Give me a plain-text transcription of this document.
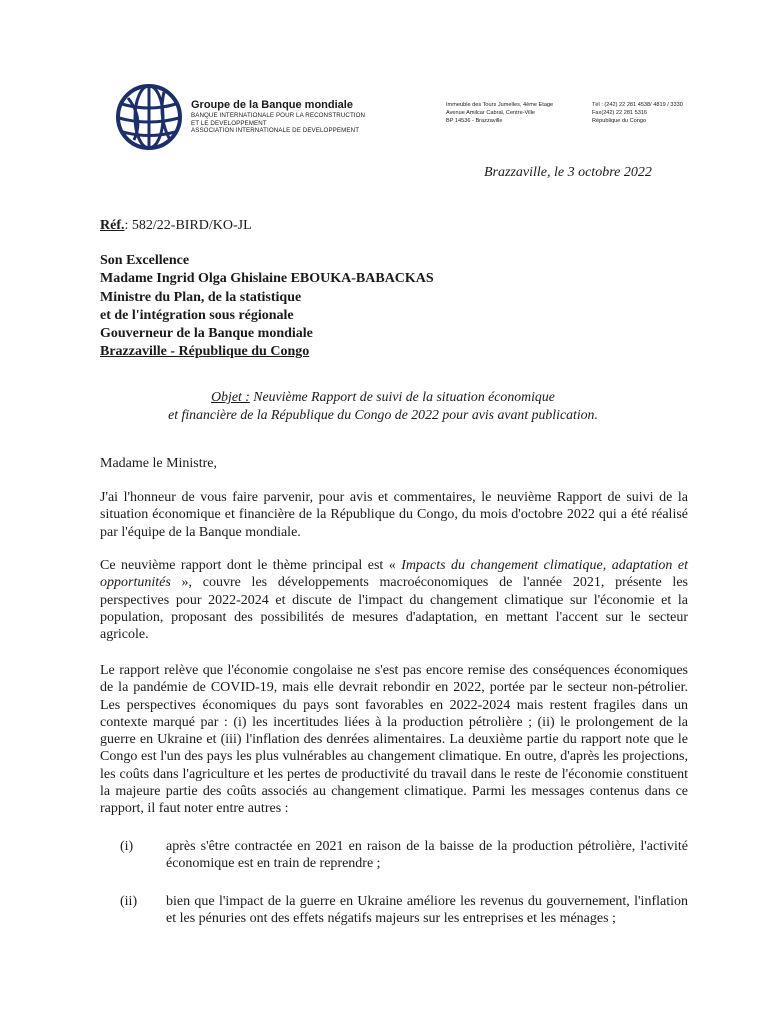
Groupe de la Banque mondiale
BANQUE INTERNATIONALE POUR LA RECONSTRUCTION
ET LE DEVELOPPEMENT
ASSOCIATION INTERNATIONALE DE DEVELOPPEMENT
Immeuble des Tours Jumelles, 4ème Etage
Avenue Amilcar Cabral, Centre-Ville
BP 14536 - Brazzaville
Tél : (242) 22 281 4538/ 4819 / 3330
Fax(242) 22 281 5316
République du Congo
Brazzaville, le 3 octobre 2022
Réf.: 582/22-BIRD/KO-JL
Son Excellence
Madame Ingrid Olga Ghislaine EBOUKA-BABACKAS
Ministre du Plan, de la statistique
et de l'intégration sous régionale
Gouverneur de la Banque mondiale
Brazzaville - République du Congo
Objet : Neuvième Rapport de suivi de la situation économique
et financière de la République du Congo de 2022 pour avis avant publication.
Madame le Ministre,
J'ai l'honneur de vous faire parvenir, pour avis et commentaires, le neuvième Rapport de suivi de la situation économique et financière de la République du Congo, du mois d'octobre 2022 qui a été réalisé par l'équipe de la Banque mondiale.
Ce neuvième rapport dont le thème principal est « Impacts du changement climatique, adaptation et opportunités », couvre les développements macroéconomiques de l'année 2021, présente les perspectives pour 2022-2024 et discute de l'impact du changement climatique sur l'économie et la population, proposant des possibilités de mesures d'adaptation, en mettant l'accent sur le secteur agricole.
Le rapport relève que l'économie congolaise ne s'est pas encore remise des conséquences économiques de la pandémie de COVID-19, mais elle devrait rebondir en 2022, portée par le secteur non-pétrolier. Les perspectives économiques du pays sont favorables en 2022-2024 mais restent fragiles dans un contexte marqué par : (i) les incertitudes liées à la production pétrolière ; (ii) le prolongement de la guerre en Ukraine et (iii) l'inflation des denrées alimentaires. La deuxième partie du rapport note que le Congo est l'un des pays les plus vulnérables au changement climatique. En outre, d'après les projections, les coûts dans l'agriculture et les pertes de productivité du travail dans le reste de l'économie constituent la majeure partie des coûts associés au changement climatique. Parmi les messages contenus dans ce rapport, il faut noter entre autres :
(i) après s'être contractée en 2021 en raison de la baisse de la production pétrolière, l'activité économique est en train de reprendre ;
(ii) bien que l'impact de la guerre en Ukraine améliore les revenus du gouvernement, l'inflation et les pénuries ont des effets négatifs majeurs sur les entreprises et les ménages ;
